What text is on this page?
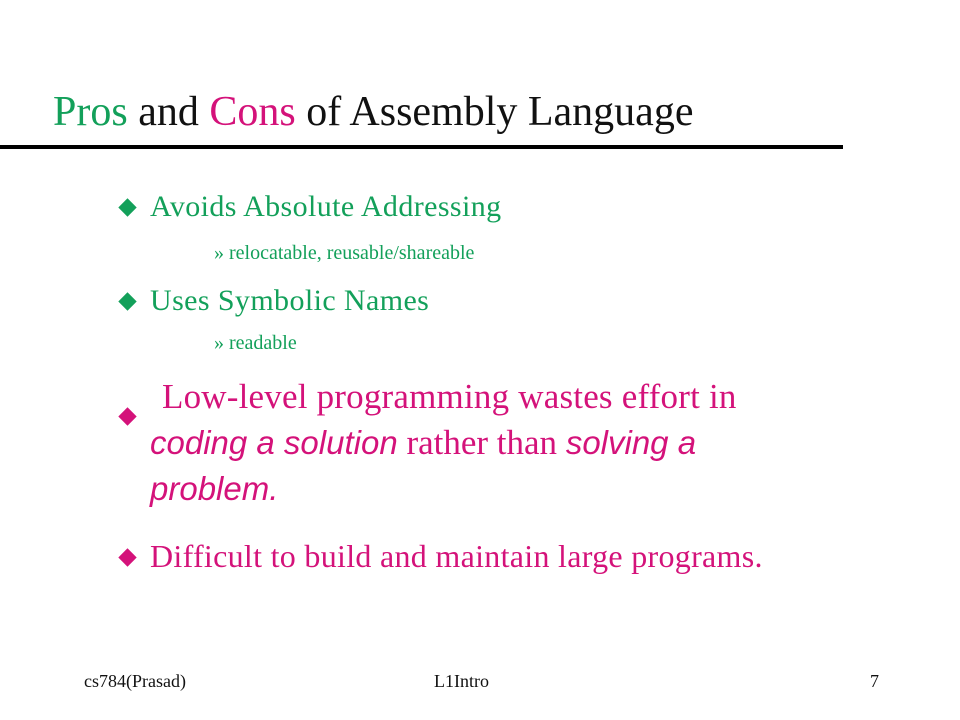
Pros and Cons of Assembly Language
Avoids Absolute Addressing
» relocatable, reusable/shareable
Uses Symbolic Names
» readable
Low-level programming wastes effort in
coding a solution rather than solving a
problem.
Difficult to build and maintain large programs.
cs784(Prasad)	L1Intro	7
